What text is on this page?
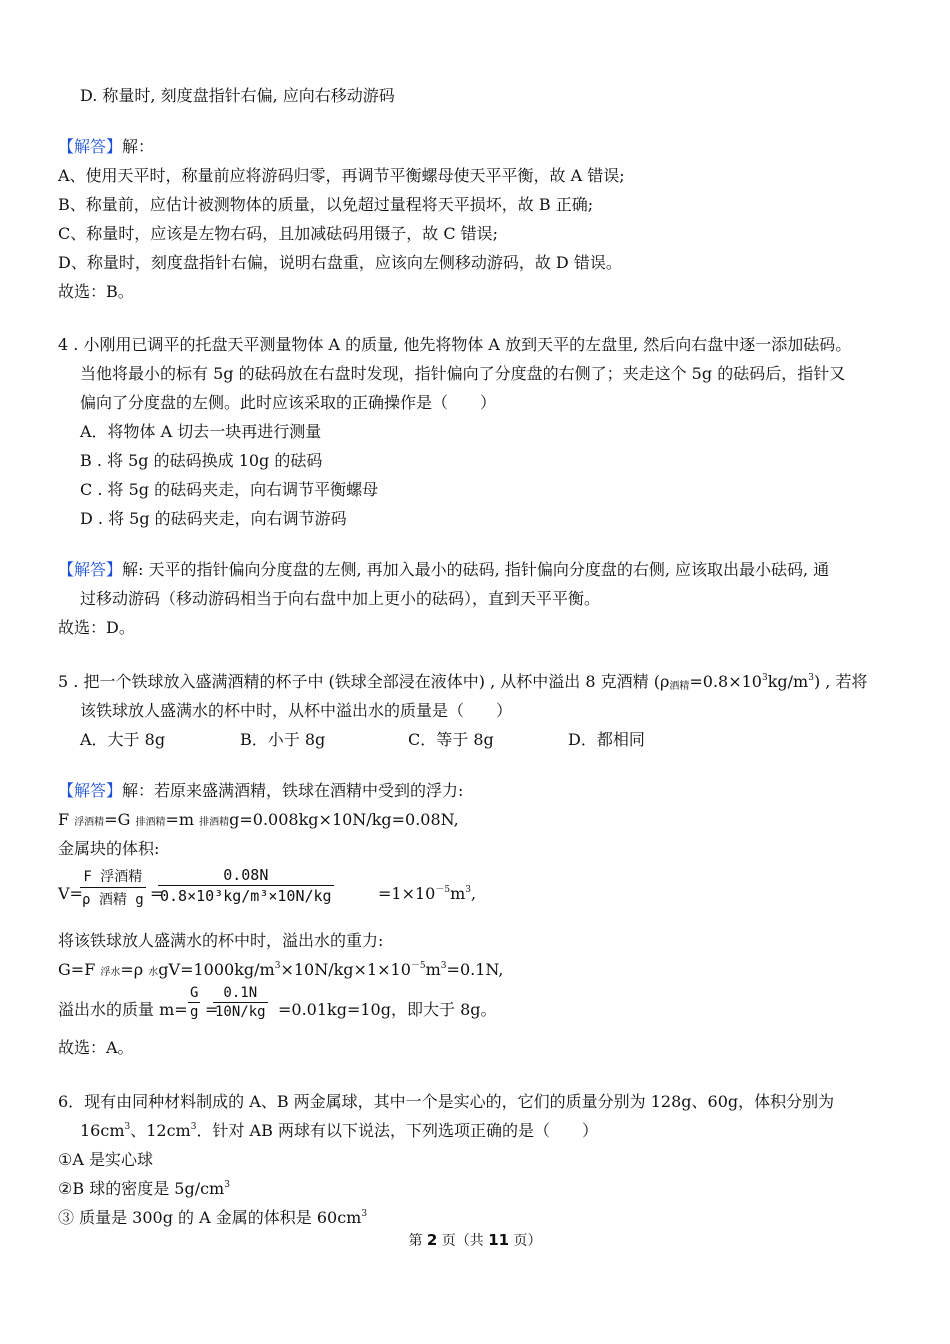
D. 称量时, 刻度盘指针右偏, 应向右移动游码
【解答】解：
A、使用天平时，称量前应将游码归零，再调节平衡螺母使天平平衡，故 A 错误;
B、称量前，应估计被测物体的质量，以免超过量程将天平损坏，故 B 正确;
C、称量时，应该是左物右码，且加减砝码用镊子，故 C 错误;
D、称量时，刻度盘指针右偏，说明右盘重，应该向左侧移动游码，故 D 错误。
故选：B。
4 . 小刚用已调平的托盘天平测量物体 A 的质量, 他先将物体 A 放到天平的左盘里, 然后向右盘中逐一添加砝码。
当他将最小的标有 5g 的砝码放在右盘时发现，指针偏向了分度盘的右侧了；夹走这个 5g 的砝码后，指针又
偏向了分度盘的左侧。此时应该采取的正确操作是（　　）
A．将物体 A 切去一块再进行测量
B . 将 5g 的砝码换成 10g 的砝码
C . 将 5g 的砝码夹走，向右调节平衡螺母
D . 将 5g 的砝码夹走，向右调节游码
【解答】解: 天平的指针偏向分度盘的左侧, 再加入最小的砝码, 指针偏向分度盘的右侧, 应该取出最小砝码, 通
过移动游码（移动游码相当于向右盘中加上更小的砝码），直到天平平衡。
故选：D。
5 . 把一个铁球放入盛满酒精的杯子中 (铁球全部浸在液体中) , 从杯中溢出 8 克酒精 (ρ酒精$=0.8\times 10^3kg/m^3$) , 若将
该铁球放人盛满水的杯中时，从杯中溢出水的质量是（　　）
A．大于 8g	B．小于 8g	C．等于 8g	D．都相同
【解答】解：若原来盛满酒精，铁球在酒精中受到的浮力:
F 浮酒精=G 排酒精=m 排酒精g=0.008kg×10N/kg=0.08N,
金属块的体积:
V=
F 浮酒精
ρ 酒精 g =
0.08N
0.8×10³kg/m³×10N/kg	$=1\times 10^{-5}m^3$,
将该铁球放人盛满水的杯中时，溢出水的重力:
G=F 浮水=ρ 水$gV=1000kg/m^3\times 10N/kg\times 1\times 10^{-5}m^3=0.1N$,
溢出水的质量 m=
G
g =
0.1N
10N/kg =0.01kg=10g，即大于 8g。
故选：A。
6．现有由同种材料制成的 A、B 两金属球，其中一个是实心的，它们的质量分别为 128g、60g，体积分别为
$16cm^3$、$12cm^3$．针对 AB 两球有以下说法，下列选项正确的是（　　）
①A 是实心球
②B 球的密度是 $5g/cm^3$
③ 质量是 300g 的 A 金属的体积是 $60cm^3$
第 2 页（共 11 页）
